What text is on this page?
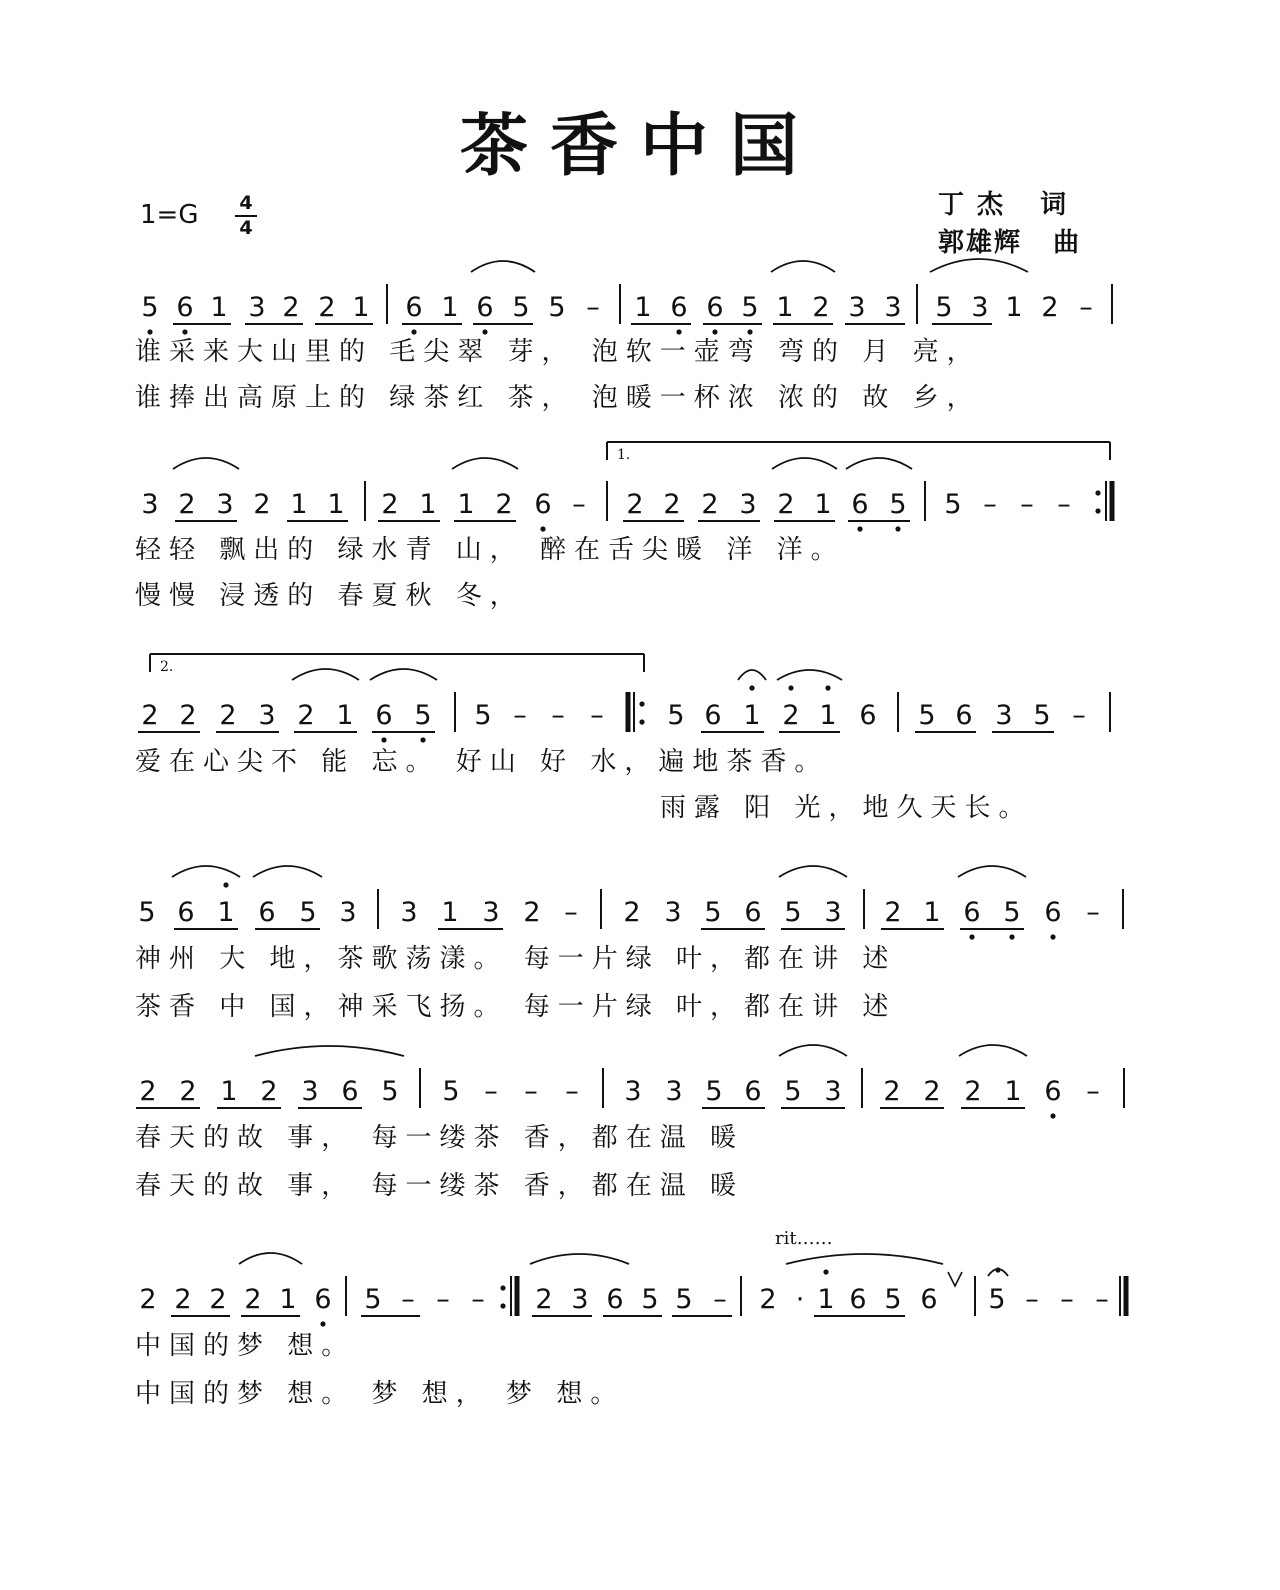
茶香中国
1=G	4
4
丁 杰 词
郭雄辉 曲
5 6 1 3 2 2 1 6 1 6 5 5 – 1 6 6 5 1 2 3 3 5 3 1 2 –
谁采来大山里的 毛尖翠 芽， 泡软一壶弯 弯的 月 亮，
谁捧出高原上的 绿茶红 茶， 泡暖一杯浓 浓的 故 乡，
3 2 3 2 1 1 2 1 1 2 6 – 2 2 2 3 2 1 6 5 5 – – –
轻轻 飘出的 绿水青 山， 醉在舌尖暖 洋 洋。
慢慢 浸透的 春夏秋 冬，
2 2 2 3 2 1 6 5 5 – – – 5 6 1 2 1 6 5 6 3 5 –
爱在心尖不 能 忘。 好山 好 水，遍地茶香。
雨露 阳 光，地久天长。
5 6 1 6 5 3 3 1 3 2 – 2 3 5 6 5 3 2 1 6 5 6 –
神州 大 地，茶歌荡漾。 每一片绿 叶，都在讲 述
茶香 中 国，神采飞扬。 每一片绿 叶，都在讲 述
2 2 1 2 3 6 5 5 – – – 3 3 5 6 5 3 2 2 2 1 6 –
春天的故 事， 每一缕茶 香，都在温 暖
春天的故 事， 每一缕茶 香，都在温 暖
2 2 2 2 1 6 5 – – – 2 3 6 5 5 – 2 · 1 6 5 6 5 – – –
中国的梦 想。
中国的梦 想。 梦 想， 梦 想。
1.
2.
rit……
